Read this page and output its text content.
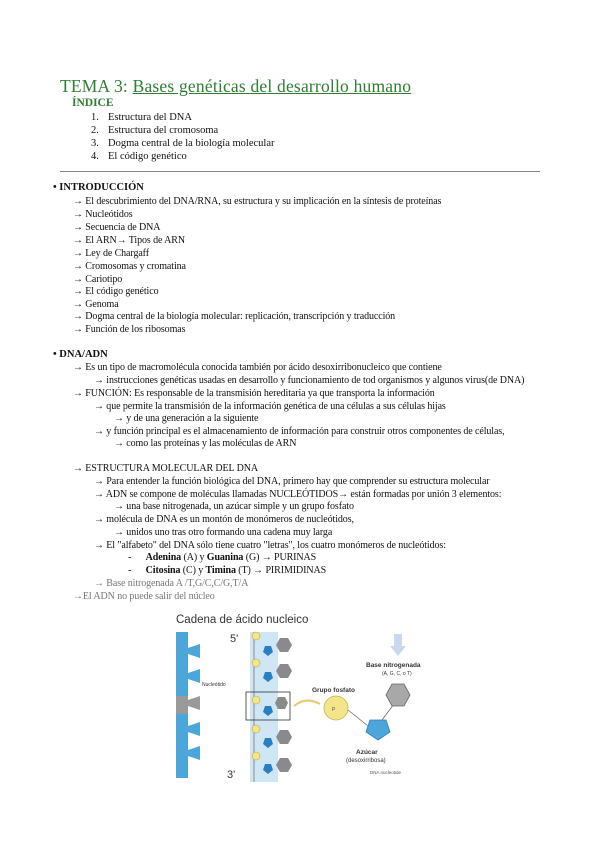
TEMA 3: Bases genéticas del desarrollo humano
ÍNDICE
1. Estructura del DNA
2. Estructura del cromosoma
3. Dogma central de la biología molecular
4. El código genético
• INTRODUCCIÓN
→ El descubrimiento del DNA/RNA, su estructura y su implicación en la síntesis de proteínas
→ Nucleótidos
→ Secuencia de DNA
→ El ARN→ Tipos de ARN
→ Ley de Chargaff
→ Cromosomas y cromatina
→ Cariotipo
→ El código genético
→ Genoma
→ Dogma central de la biología molecular: replicación, transcripción y traducción
→ Función de los ribosomas
• DNA/ADN
→ Es un tipo de macromolécula conocida también por ácido desoxirribonucleico que contiene
→ instrucciones genéticas usadas en desarrollo y funcionamiento de tod organismos y algunos virus(de DNA)
→ FUNCIÓN: Es responsable de la transmisión hereditaria ya que transporta la información
→ que permite la transmisión de la información genética de una células a sus células hijas
→ y de una generación a la siguiente
→ y función principal es el almacenamiento de información para construir otros componentes de células,
→ como las proteínas y las moléculas de ARN
→ ESTRUCTURA MOLECULAR DEL DNA
→ Para entender la función biológica del DNA, primero hay que comprender su estructura molecular
→ ADN se compone de moléculas llamadas NUCLEÓTIDOS→ están formadas por unión 3 elementos:
→ una base nitrogenada, un azúcar simple y un grupo fosfato
→ molécula de DNA es un montón de monómeros de nucleótidos,
→ unidos uno tras otro formando una cadena muy larga
→ El "alfabeto" del DNA sólo tiene cuatro "letras", los cuatro monómeros de nucleótidos:
- Adenina (A) y Guanina (G) → PURINAS
- Citosina (C) y Timina (T) → PIRIMIDINAS
→ Base nitrogenada A /T,G/C,C/G,T/A
→El ADN no puede salir del núcleo
Cadena de ácido nucleico
5'
3'
Nucleótido
Grupo fosfato
P
Azúcar
(desoxirribosa)
Base nitrogenada
(A, G, C, o T)
DNA nucleotide
